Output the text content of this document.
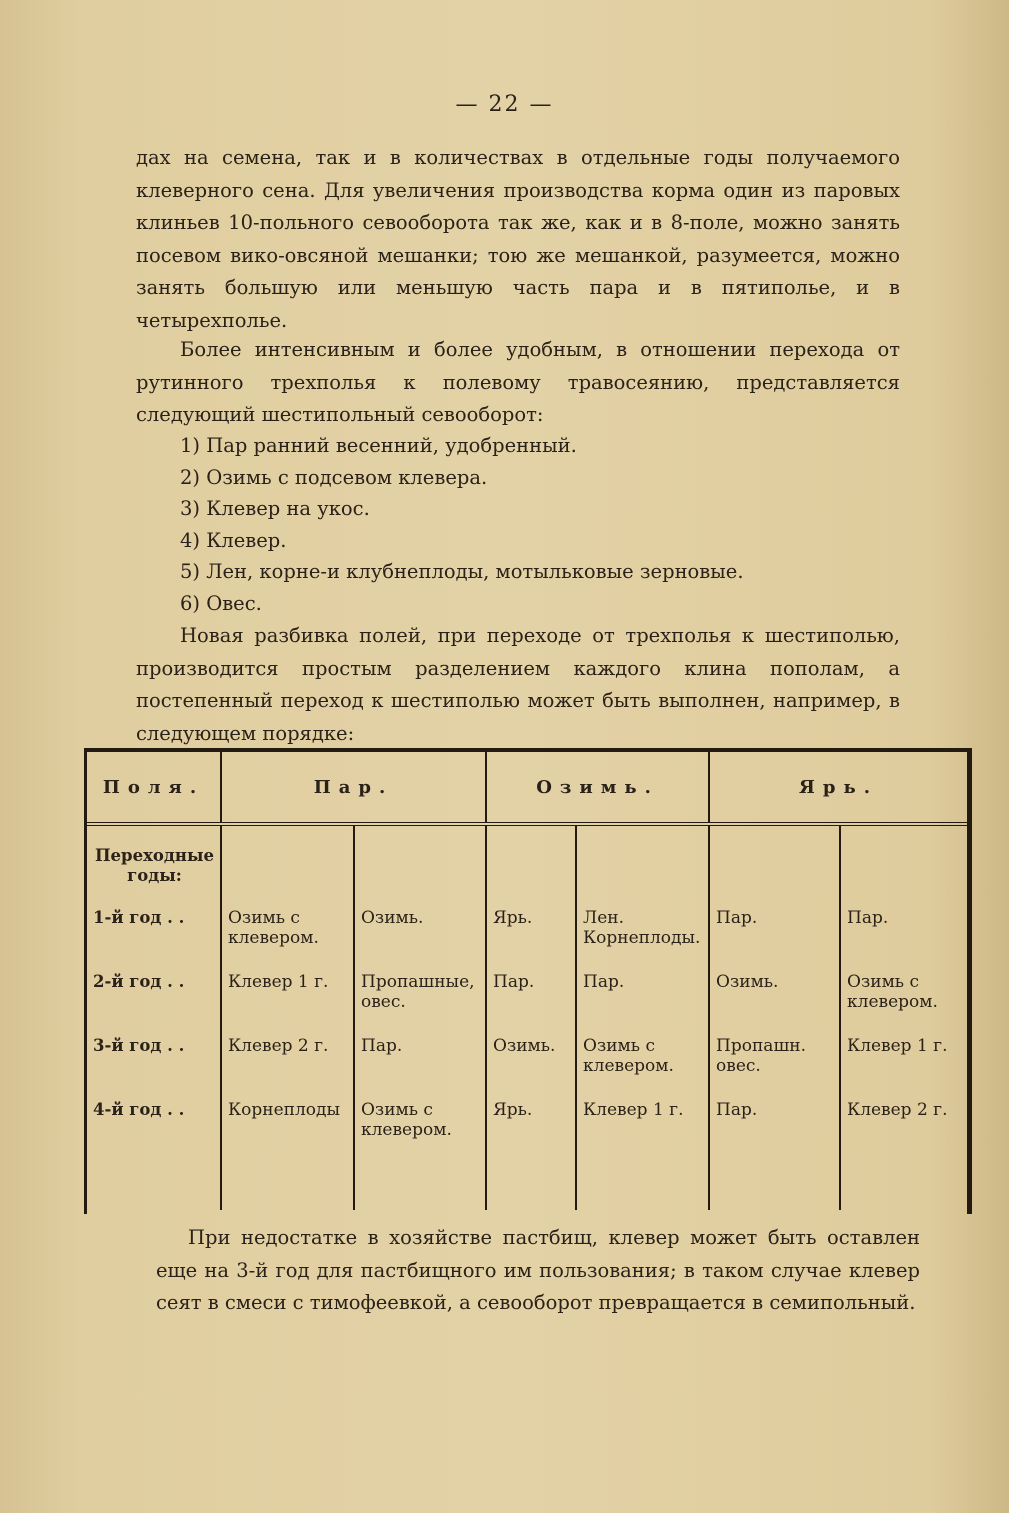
— 22 —
дах на семена, так и в количествах в отдельные годы получаемого клеверного сена. Для увеличения производства корма один из паровых клиньев 10-польного севооборота так же, как и в 8-поле, можно занять посевом вико-овсяной мешанки; тою же мешанкой, разумеется, можно занять большую или меньшую часть пара и в пятиполье, и в четырехполье.
Более интенсивным и более удобным, в отношении перехода от рутинного трехполья к полевому травосеянию, представляется следующий шестипольный севооборот:
1) Пар ранний весенний, удобренный.
2) Озимь с подсевом клевера.
3) Клевер на укос.
4) Клевер.
5) Лен, корне-и клубнеплоды, мотыльковые зерновые.
6) Овес.
Новая разбивка полей, при переходе от трехполья к шестиполью, производится простым разделением каждого клина пополам, а постепенный переход к шестиполью может быть выполнен, например, в следующем порядке:
Поля.	Пар.		Озимь.		Ярь.	
Переходные годы:						
1-й год . .	Озимь с клевером.	Озимь.	Ярь.	Лен. Корнеплоды.	Пар.	Пар.
2-й год . .	Клевер 1 г.	Пропашные, овес.	Пар.	Пар.	Озимь.	Озимь с клевером.
3-й год . .	Клевер 2 г.	Пар.	Озимь.	Озимь с клевером.	Пропашн. овес.	Клевер 1 г.
4-й год . .	Корнеплоды	Озимь с клевером.	Ярь.	Клевер 1 г.	Пар.	Клевер 2 г.
При недостатке в хозяйстве пастбищ, клевер может быть оставлен еще на 3-й год для пастбищного им пользования; в таком случае клевер сеят в смеси с тимофеевкой, а севооборот превращается в семипольный.
